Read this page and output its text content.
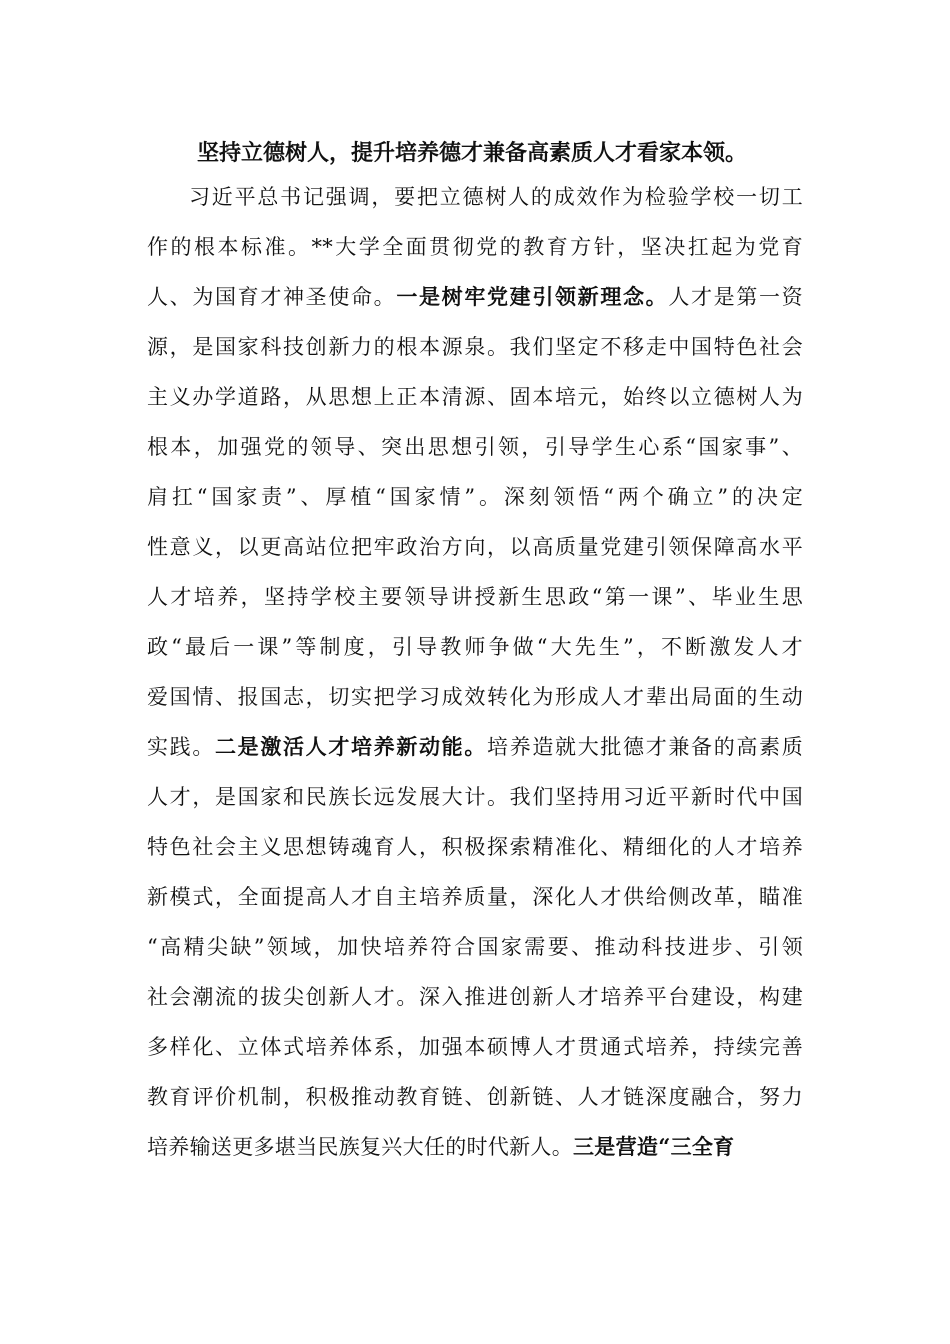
坚持立德树人，提升培养德才兼备高素质人才看家本领。
习近平总书记强调，要把立德树人的成效作为检验学校一切工
作的根本标准。**大学全面贯彻党的教育方针，坚决扛起为党育
人、为国育才神圣使命。一是树牢党建引领新理念。人才是第一资
源，是国家科技创新力的根本源泉。我们坚定不移走中国特色社会
主义办学道路，从思想上正本清源、固本培元，始终以立德树人为
根本，加强党的领导、突出思想引领，引导学生心系“国家事”、
肩扛“国家责”、厚植“国家情”。深刻领悟“两个确立”的决定
性意义，以更高站位把牢政治方向，以高质量党建引领保障高水平
人才培养，坚持学校主要领导讲授新生思政“第一课”、毕业生思
政“最后一课”等制度，引导教师争做“大先生”，不断激发人才
爱国情、报国志，切实把学习成效转化为形成人才辈出局面的生动
实践。二是激活人才培养新动能。培养造就大批德才兼备的高素质
人才，是国家和民族长远发展大计。我们坚持用习近平新时代中国
特色社会主义思想铸魂育人，积极探索精准化、精细化的人才培养
新模式，全面提高人才自主培养质量，深化人才供给侧改革，瞄准
“高精尖缺”领域，加快培养符合国家需要、推动科技进步、引领
社会潮流的拔尖创新人才。深入推进创新人才培养平台建设，构建
多样化、立体式培养体系，加强本硕博人才贯通式培养，持续完善
教育评价机制，积极推动教育链、创新链、人才链深度融合，努力
培养输送更多堪当民族复兴大任的时代新人。三是营造“三全育
